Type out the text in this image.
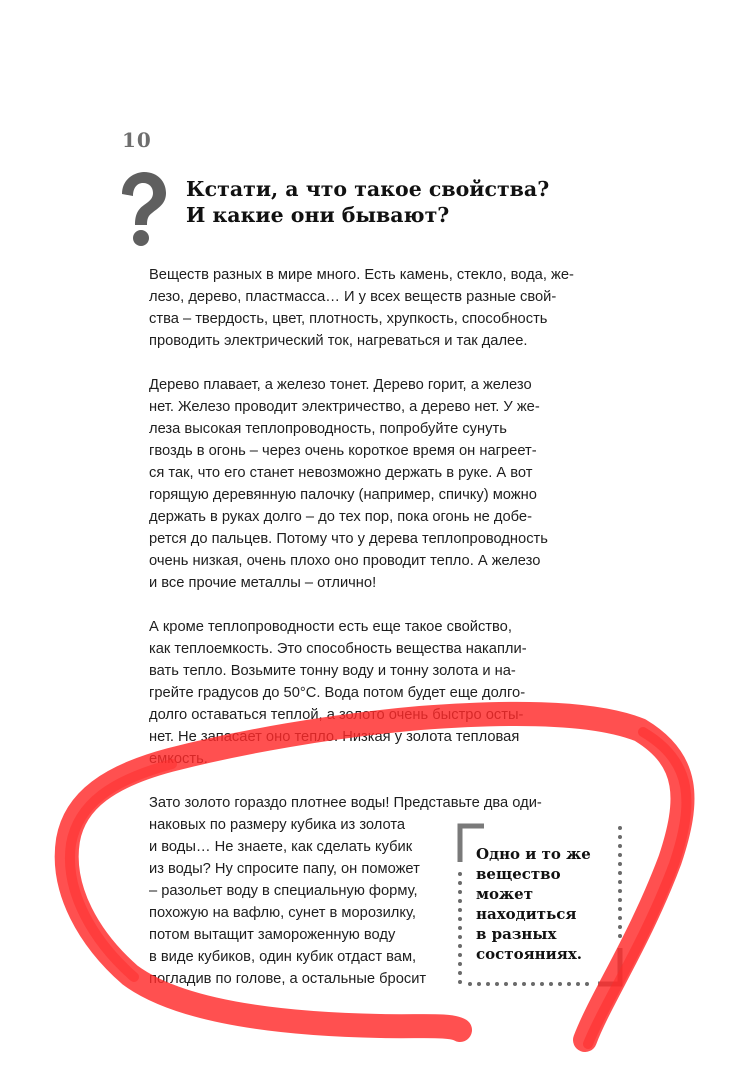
10
Кстати, а что такое свойства?
И какие они бывают?
Веществ разных в мире много. Есть камень, стекло, вода, же-
лезо, дерево, пластмасса… И у всех веществ разные свой-
ства – твердость, цвет, плотность, хрупкость, способность
проводить электрический ток, нагреваться и так далее.
Дерево плавает, а железо тонет. Дерево горит, а железо
нет. Железо проводит электричество, а дерево нет. У же-
леза высокая теплопроводность, попробуйте сунуть
гвоздь в огонь – через очень короткое время он нагреет-
ся так, что его станет невозможно держать в руке. А вот
горящую деревянную палочку (например, спичку) можно
держать в руках долго – до тех пор, пока огонь не добе-
рется до пальцев. Потому что у дерева теплопроводность
очень низкая, очень плохо оно проводит тепло. А железо
и все прочие металлы – отлично!
А кроме теплопроводности есть еще такое свойство,
как теплоемкость. Это способность вещества накапли-
вать тепло. Возьмите тонну воду и тонну золота и на-
грейте градусов до 50°С. Вода потом будет еще долго-
долго оставаться теплой, а золото очень быстро осты-
нет. Не запасает оно тепло. Низкая у золота тепловая
емкость.
Зато золото гораздо плотнее воды! Представьте два оди-
наковых по размеру кубика из золота
и воды… Не знаете, как сделать кубик
из воды? Ну спросите папу, он поможет
– разольет воду в специальную форму,
похожую на вафлю, сунет в морозилку,
потом вытащит замороженную воду
в виде кубиков, один кубик отдаст вам,
погладив по голове, а остальные бросит
Одно и то же
вещество
может
находиться
в разных
состояниях.
